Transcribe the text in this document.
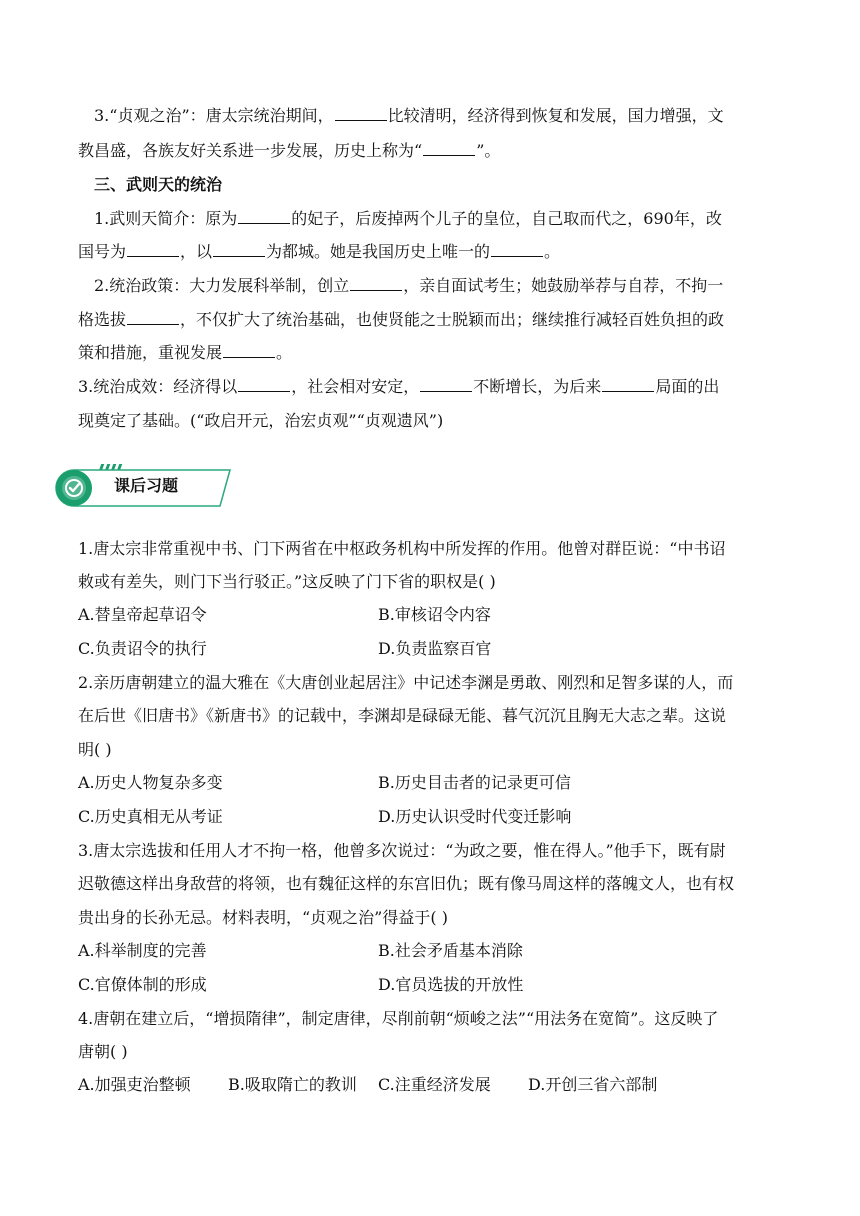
3.“贞观之治”：唐太宗统治期间，	比较清明，经济得到恢复和发展，国力增强，文
教昌盛，各族友好关系进一步发展，历史上称为“	”。
三、武则天的统治
1.武则天简介：原为	的妃子，后废掉两个儿子的皇位，自己取而代之，690年，改
国号为	，以	为都城。她是我国历史上唯一的	。
2.统治政策：大力发展科举制，创立	，亲自面试考生；她鼓励举荐与自荐，不拘一
格选拔	，不仅扩大了统治基础，也使贤能之士脱颖而出；继续推行减轻百姓负担的政
策和措施，重视发展	。
3.统治成效：经济得以	，社会相对安定，	不断增长，为后来	局面的出
现奠定了基础。(“政启开元，治宏贞观”“贞观遗风”)
课后习题
1.唐太宗非常重视中书、门下两省在中枢政务机构中所发挥的作用。他曾对群臣说：“中书诏
敕或有差失，则门下当行驳正。”这反映了门下省的职权是( )
A.替皇帝起草诏令	B.审核诏令内容
C.负责诏令的执行	D.负责监察百官
2.亲历唐朝建立的温大雅在《大唐创业起居注》中记述李渊是勇敢、刚烈和足智多谋的人，而
在后世《旧唐书》《新唐书》的记载中，李渊却是碌碌无能、暮气沉沉且胸无大志之辈。这说
明( )
A.历史人物复杂多变	B.历史目击者的记录更可信
C.历史真相无从考证	D.历史认识受时代变迁影响
3.唐太宗选拔和任用人才不拘一格，他曾多次说过：“为政之要，惟在得人。”他手下，既有尉
迟敬德这样出身敌营的将领，也有魏征这样的东宫旧仇；既有像马周这样的落魄文人，也有权
贵出身的长孙无忌。材料表明，“贞观之治”得益于( )
A.科举制度的完善	B.社会矛盾基本消除
C.官僚体制的形成	D.官员选拔的开放性
4.唐朝在建立后，“增损隋律”，制定唐律，尽削前朝“烦峻之法”“用法务在宽简”。这反映了
唐朝( )
A.加强吏治整顿 B.吸取隋亡的教训 C.注重经济发展 D.开创三省六部制
